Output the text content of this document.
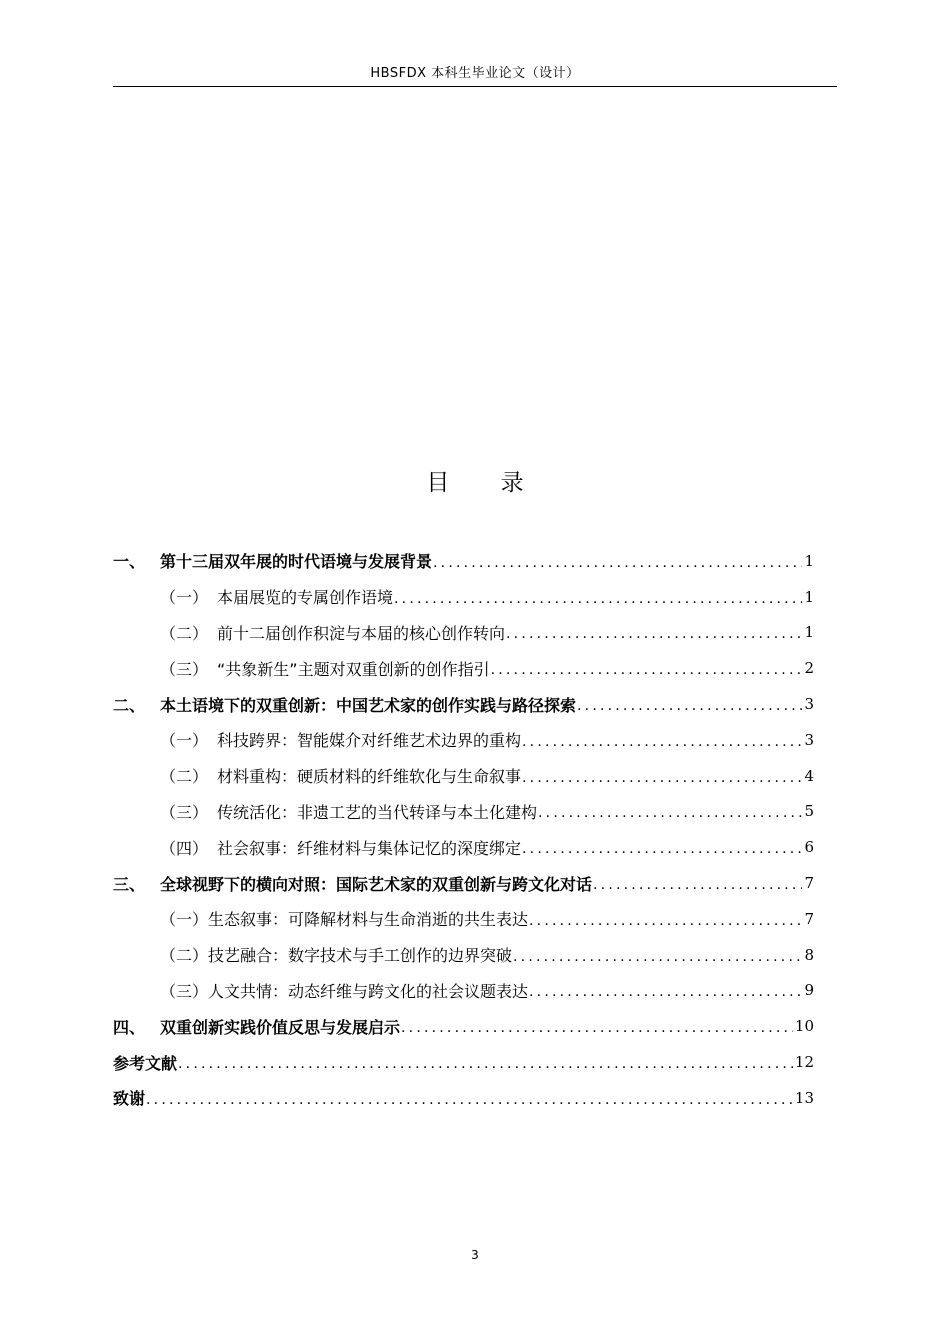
HBSFDX 本科生毕业论文（设计）
目 录
一、 第十三届双年展的时代语境与发展背景 .....	1
（一） 本届展览的专属创作语境 .....	1
（二） 前十二届创作积淀与本届的核心创作转向 .....	1
（三） “共象新生”主题对双重创新的创作指引 .....	2
二、 本土语境下的双重创新：中国艺术家的创作实践与路径探索 .....	3
（一） 科技跨界：智能媒介对纤维艺术边界的重构 .....	3
（二） 材料重构：硬质材料的纤维软化与生命叙事 .....	4
（三） 传统活化：非遗工艺的当代转译与本土化建构 .....	5
（四） 社会叙事：纤维材料与集体记忆的深度绑定 .....	6
三、 全球视野下的横向对照：国际艺术家的双重创新与跨文化对话 .....	7
（一） 生态叙事：可降解材料与生命消逝的共生表达 .....	7
（二） 技艺融合：数字技术与手工创作的边界突破 .....	8
（三） 人文共情：动态纤维与跨文化的社会议题表达 .....	9
四、 双重创新实践价值反思与发展启示 .....	10
参考文献 .....	12
致谢 .....	13
3
